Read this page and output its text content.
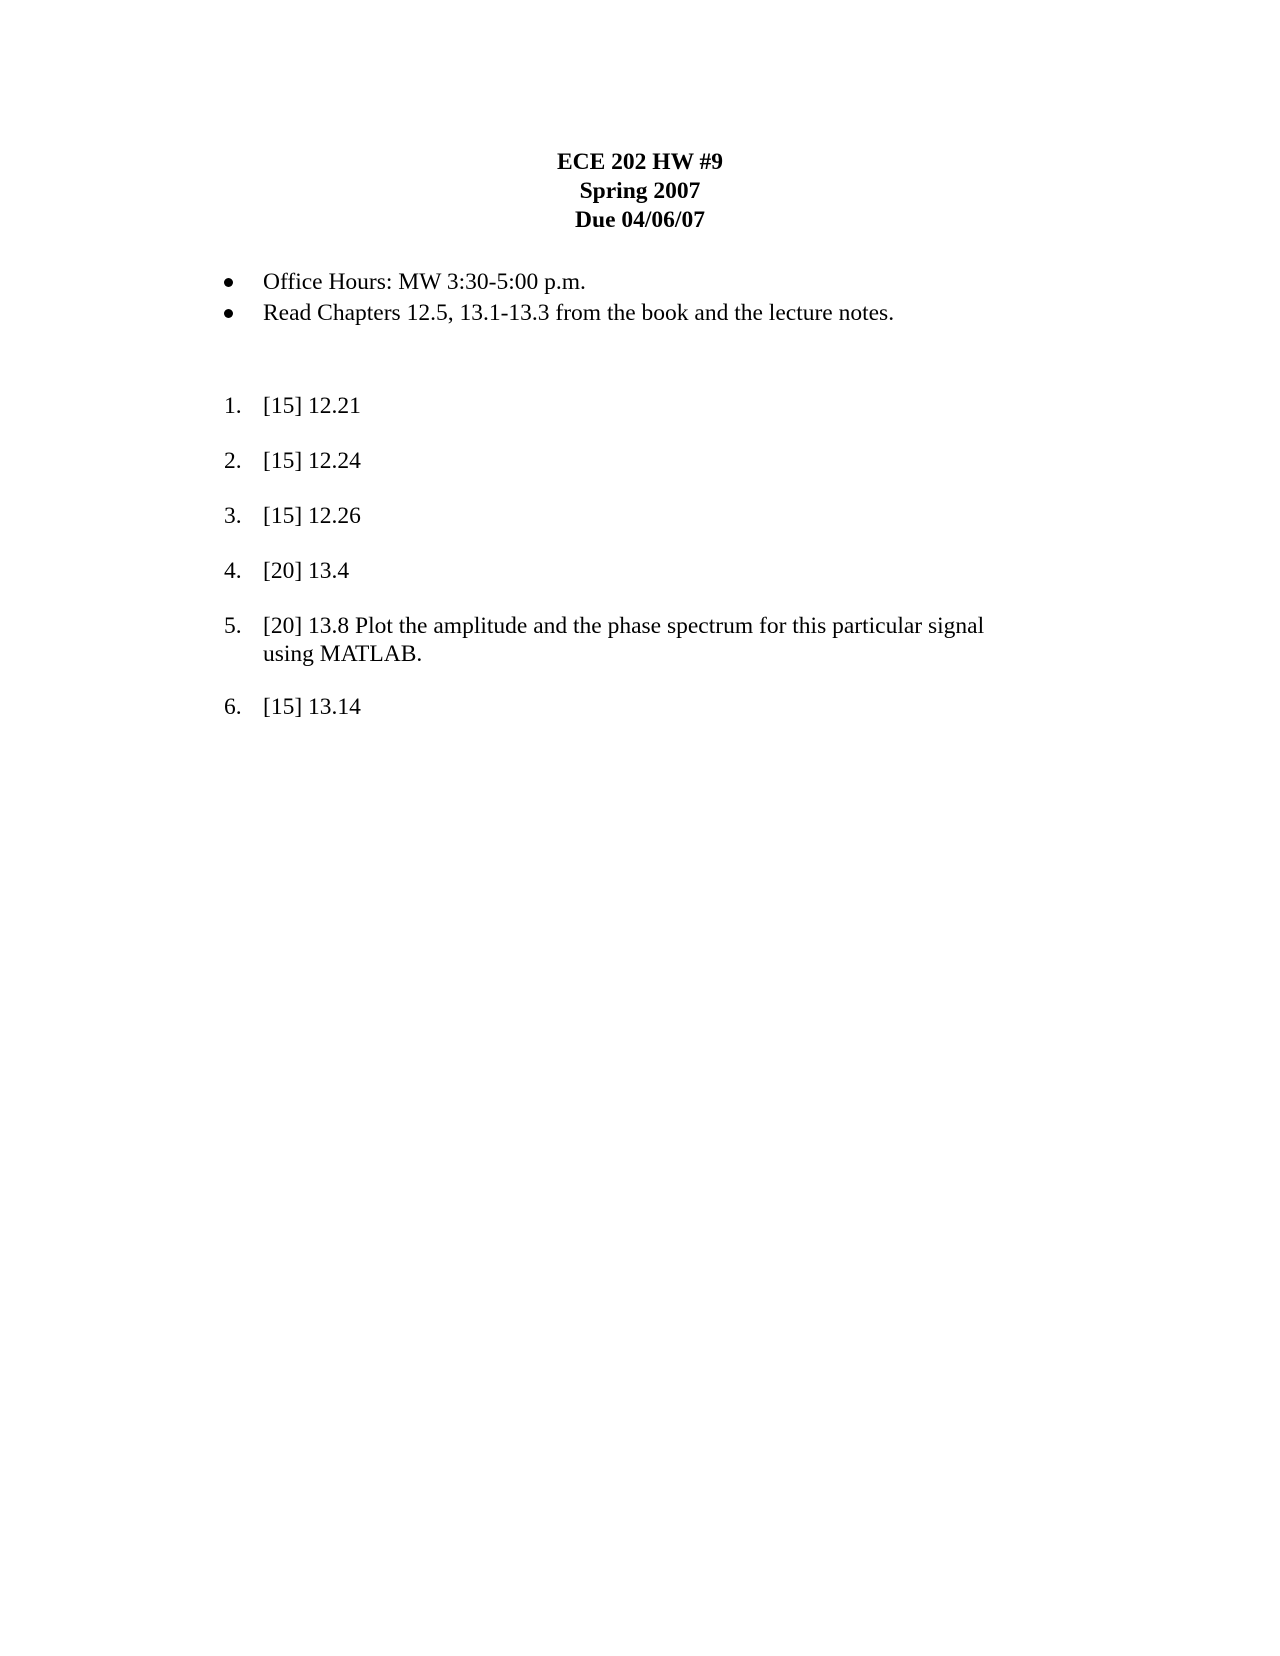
ECE 202 HW #9
Spring 2007
Due 04/06/07
Office Hours: MW 3:30-5:00 p.m.
Read Chapters 12.5, 13.1-13.3 from the book and the lecture notes.
1. [15] 12.21
2. [15] 12.24
3. [15] 12.26
4. [20] 13.4
5. [20] 13.8 Plot the amplitude and the phase spectrum for this particular signal
using MATLAB.
6. [15] 13.14
